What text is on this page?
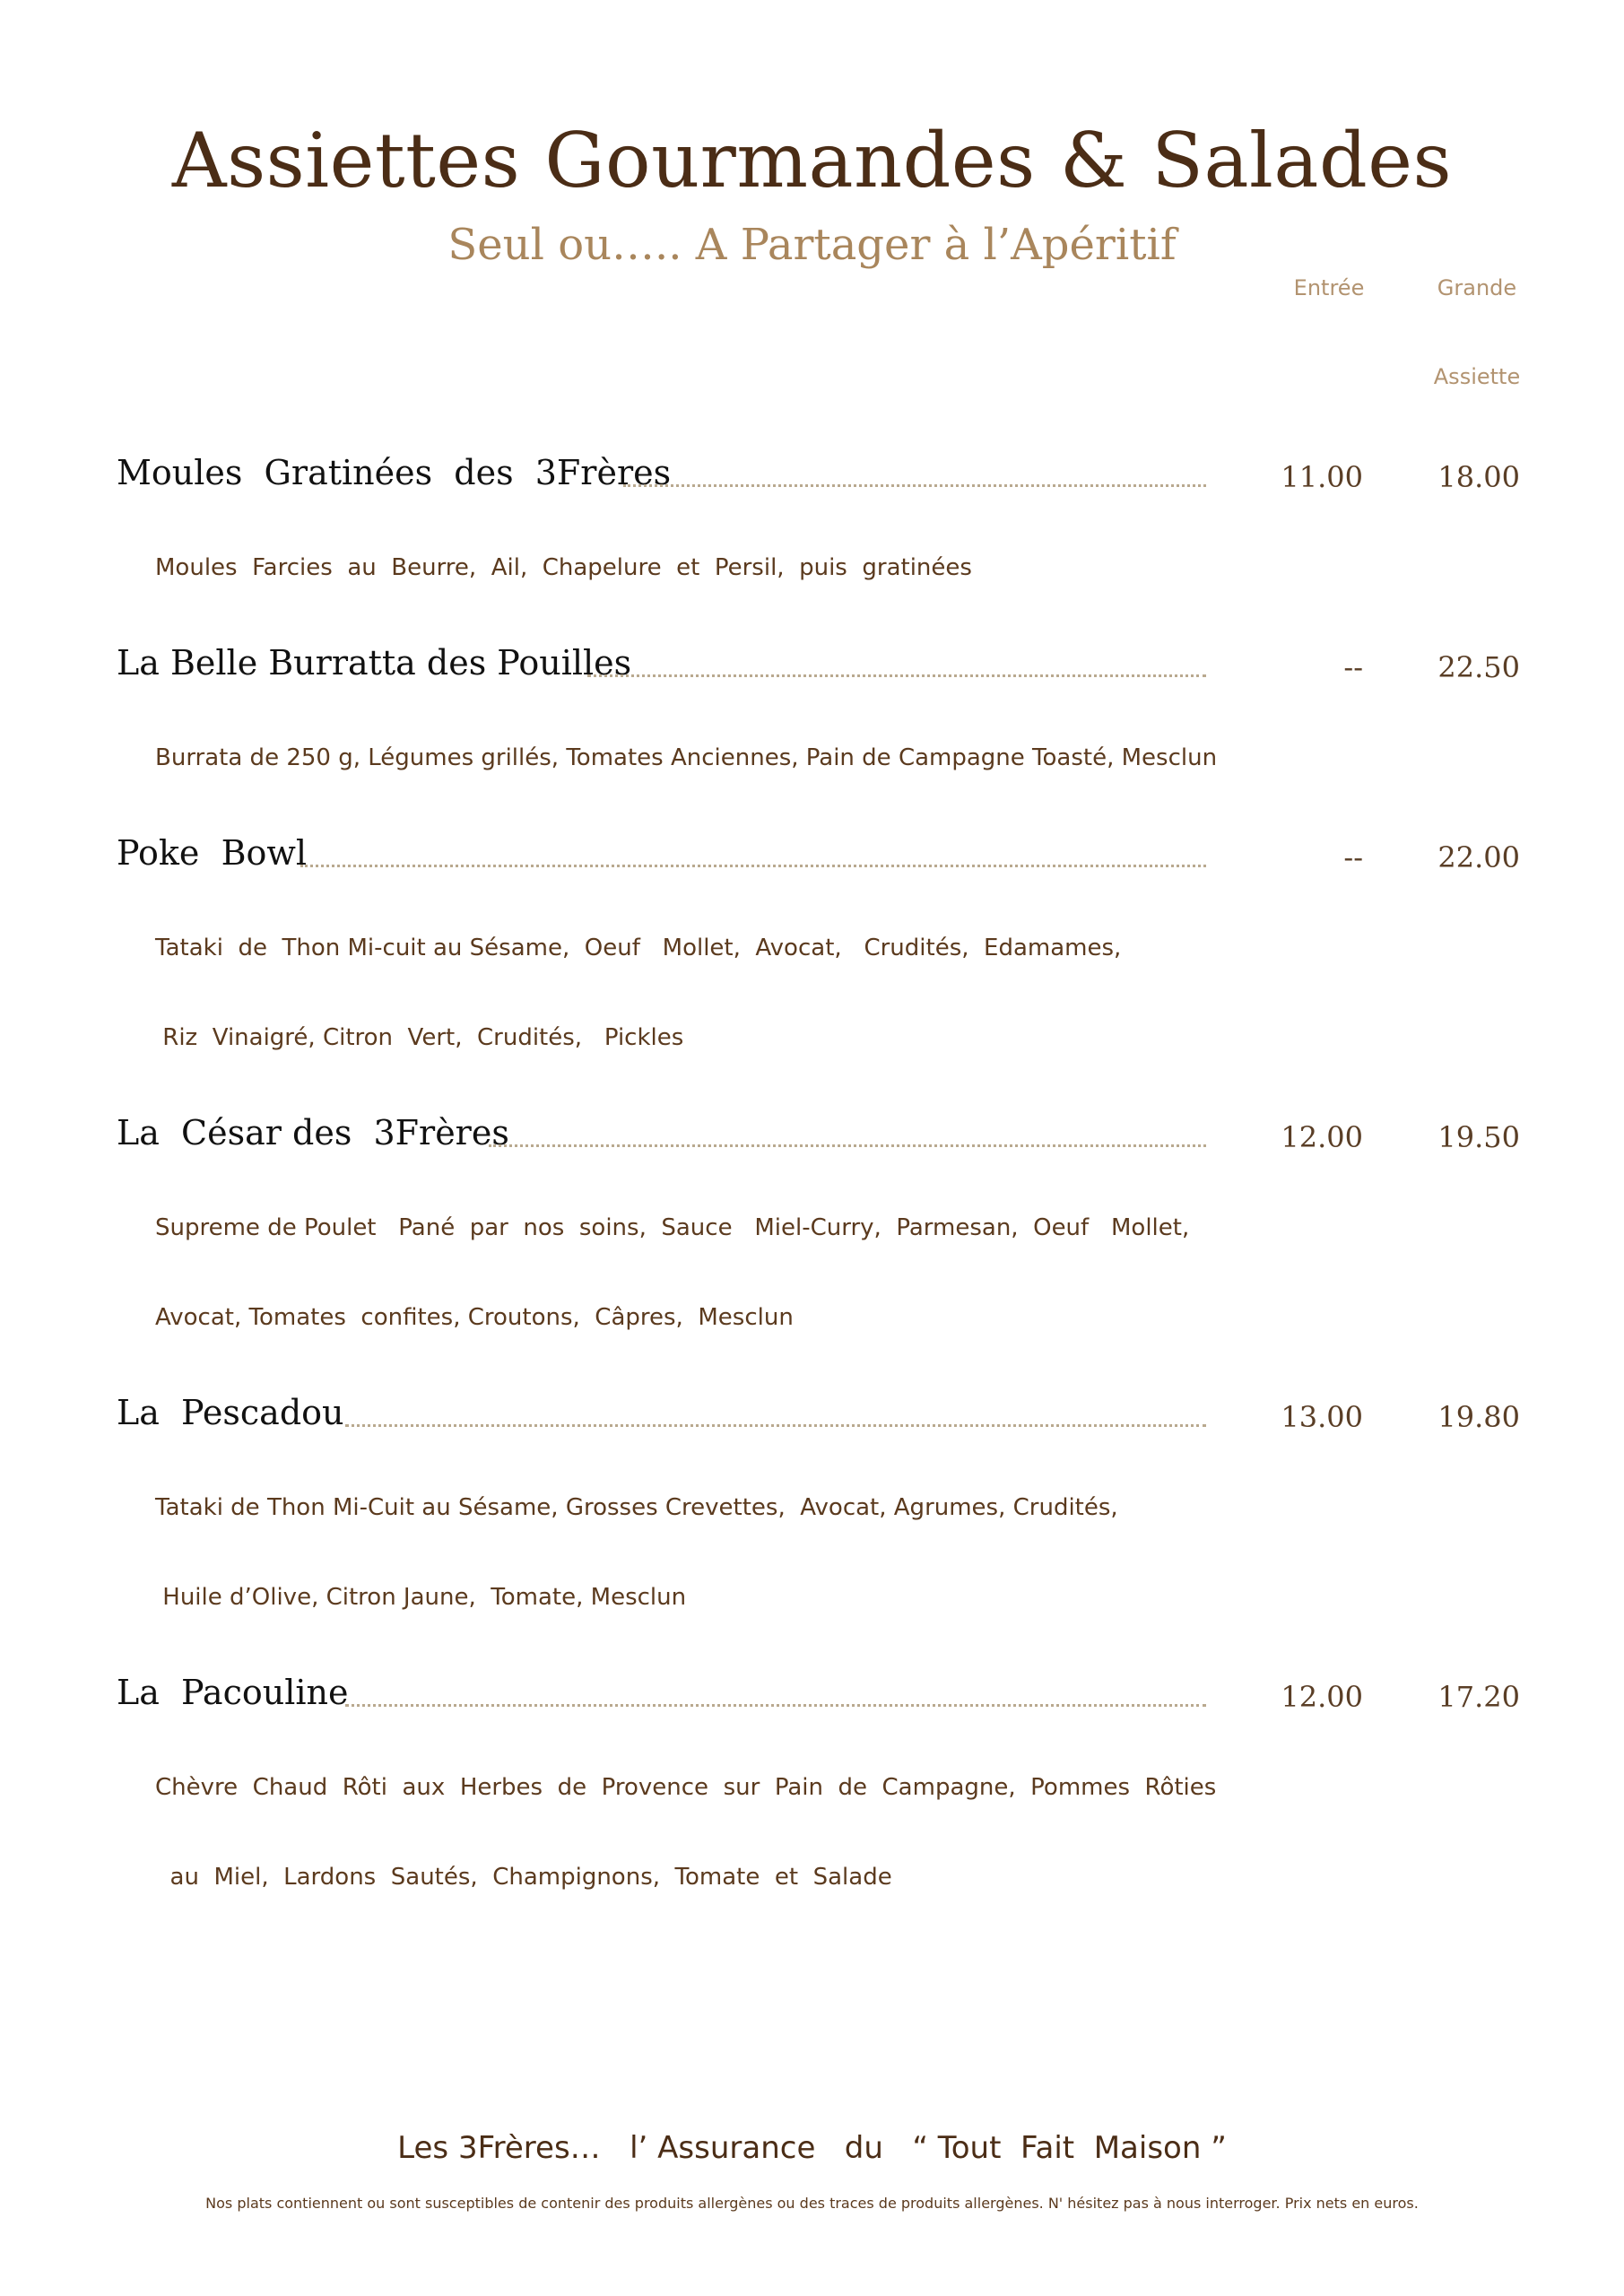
Assiettes Gourmandes & Salades
Seul ou….. A Partager à l’Apéritif
Entrée	Grande
Assiette
Moules  Gratinées  des  3Frères	11.00	18.00
Moules  Farcies  au  Beurre,  Ail,  Chapelure  et  Persil,  puis  gratinées
La Belle Burratta des Pouilles	--	22.50
Burrata de 250 g, Légumes grillés, Tomates Anciennes, Pain de Campagne Toasté, Mesclun
Poke  Bowl	--	22.00
Tataki  de  Thon Mi-cuit au Sésame,  Oeuf   Mollet,  Avocat,   Crudités,  Edamames,
Riz  Vinaigré, Citron  Vert,  Crudités,   Pickles
La  César des  3Frères	12.00	19.50
Supreme de Poulet   Pané  par  nos  soins,  Sauce   Miel-Curry,  Parmesan,  Oeuf   Mollet,
Avocat, Tomates  confites, Croutons,  Câpres,  Mesclun
La  Pescadou	13.00	19.80
Tataki de Thon Mi-Cuit au Sésame, Grosses Crevettes,  Avocat, Agrumes, Crudités,
Huile d’Olive, Citron Jaune,  Tomate, Mesclun
La  Pacouline	12.00	17.20
Chèvre  Chaud  Rôti  aux  Herbes  de  Provence  sur  Pain  de  Campagne,  Pommes  Rôties
au  Miel,  Lardons  Sautés,  Champignons,  Tomate  et  Salade
Les 3Frères…   l’ Assurance   du   “ Tout  Fait  Maison ”
Nos plats contiennent ou sont susceptibles de contenir des produits allergènes ou des traces de produits allergènes. N' hésitez pas à nous interroger. Prix nets en euros.
